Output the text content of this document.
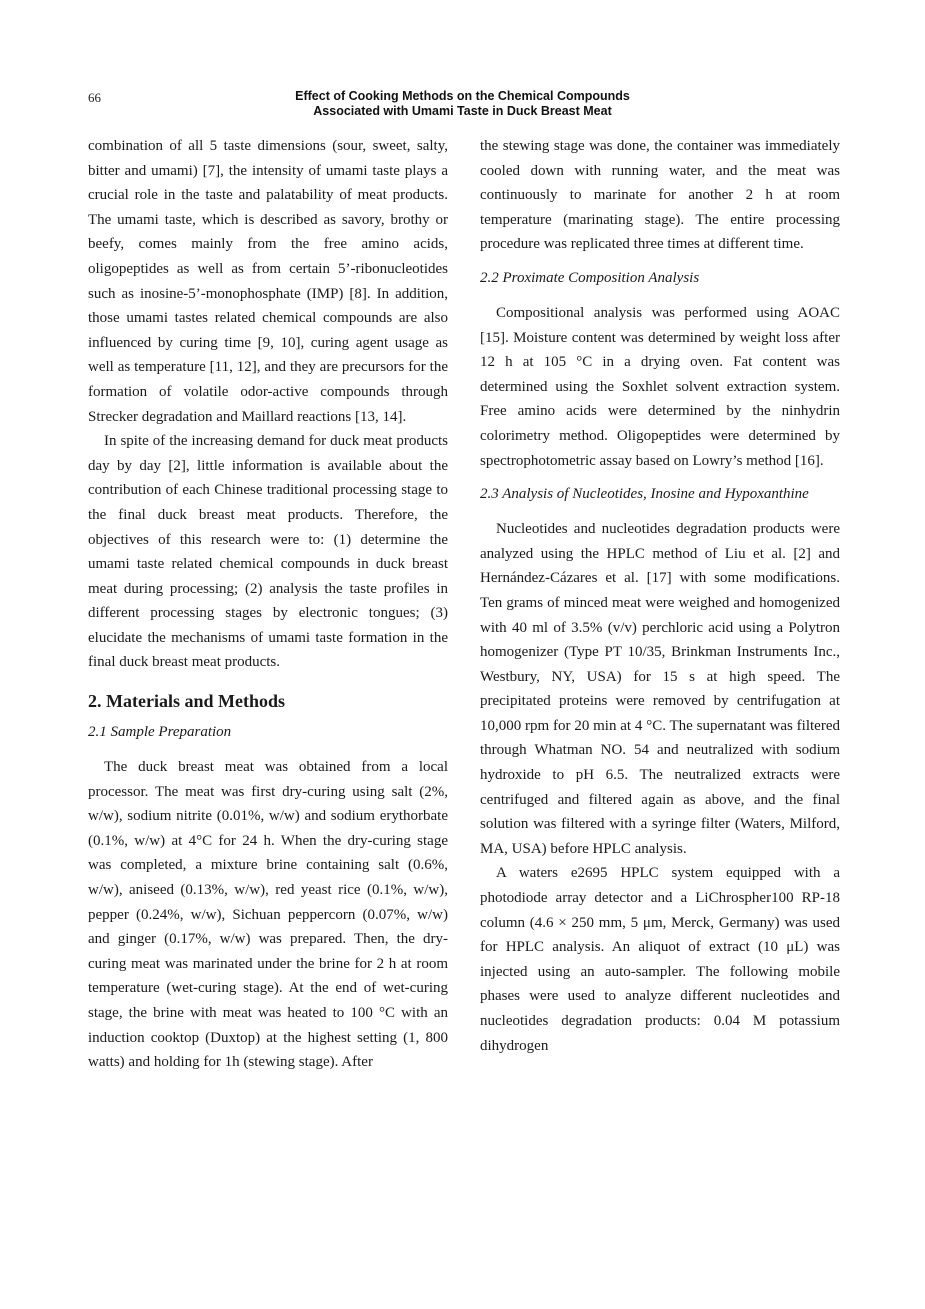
66	Effect of Cooking Methods on the Chemical Compounds
Associated with Umami Taste in Duck Breast Meat

combination of all 5 taste dimensions (sour, sweet, salty, bitter and umami) [7], the intensity of umami taste plays a crucial role in the taste and palatability of meat products. The umami taste, which is described as savory, brothy or beefy, comes mainly from the free amino acids, oligopeptides as well as from certain 5’-ribonucleotides such as inosine-5’-monophosphate (IMP) [8]. In addition, those umami tastes related chemical compounds are also influenced by curing time [9, 10], curing agent usage as well as temperature [11, 12], and they are precursors for the formation of volatile odor-active compounds through Strecker degradation and Maillard reactions [13, 14].

In spite of the increasing demand for duck meat products day by day [2], little information is available about the contribution of each Chinese traditional processing stage to the final duck breast meat products. Therefore, the objectives of this research were to: (1) determine the umami taste related chemical compounds in duck breast meat during processing; (2) analysis the taste profiles in different processing stages by electronic tongues; (3) elucidate the mechanisms of umami taste formation in the final duck breast meat products.

2. Materials and Methods
2.1 Sample Preparation

The duck breast meat was obtained from a local processor. The meat was first dry-curing using salt (2%, w/w), sodium nitrite (0.01%, w/w) and sodium erythorbate (0.1%, w/w) at 4°C for 24 h. When the dry-curing stage was completed, a mixture brine containing salt (0.6%, w/w), aniseed (0.13%, w/w), red yeast rice (0.1%, w/w), pepper (0.24%, w/w), Sichuan peppercorn (0.07%, w/w) and ginger (0.17%, w/w) was prepared. Then, the dry-curing meat was marinated under the brine for 2 h at room temperature (wet-curing stage). At the end of wet-curing stage, the brine with meat was heated to 100 °C with an induction cooktop (Duxtop) at the highest setting (1, 800 watts) and holding for 1h (stewing stage). After

the stewing stage was done, the container was immediately cooled down with running water, and the meat was continuously to marinate for another 2 h at room temperature (marinating stage). The entire processing procedure was replicated three times at different time.

2.2 Proximate Composition Analysis

Compositional analysis was performed using AOAC [15]. Moisture content was determined by weight loss after 12 h at 105 °C in a drying oven. Fat content was determined using the Soxhlet solvent extraction system. Free amino acids were determined by the ninhydrin colorimetry method. Oligopeptides were determined by spectrophotometric assay based on Lowry’s method [16].

2.3 Analysis of Nucleotides, Inosine and Hypoxanthine

Nucleotides and nucleotides degradation products were analyzed using the HPLC method of Liu et al. [2] and Hernández-Cázares et al. [17] with some modifications. Ten grams of minced meat were weighed and homogenized with 40 ml of 3.5% (v/v) perchloric acid using a Polytron homogenizer (Type PT 10/35, Brinkman Instruments Inc., Westbury, NY, USA) for 15 s at high speed. The precipitated proteins were removed by centrifugation at 10,000 rpm for 20 min at 4 °C. The supernatant was filtered through Whatman NO. 54 and neutralized with sodium hydroxide to pH 6.5. The neutralized extracts were centrifuged and filtered again as above, and the final solution was filtered with a syringe filter (Waters, Milford, MA, USA) before HPLC analysis.

A waters e2695 HPLC system equipped with a photodiode array detector and a LiChrospher100 RP-18 column (4.6 × 250 mm, 5 μm, Merck, Germany) was used for HPLC analysis. An aliquot of extract (10 μL) was injected using an auto-sampler. The following mobile phases were used to analyze different nucleotides and nucleotides degradation products: 0.04 M potassium dihydrogen
